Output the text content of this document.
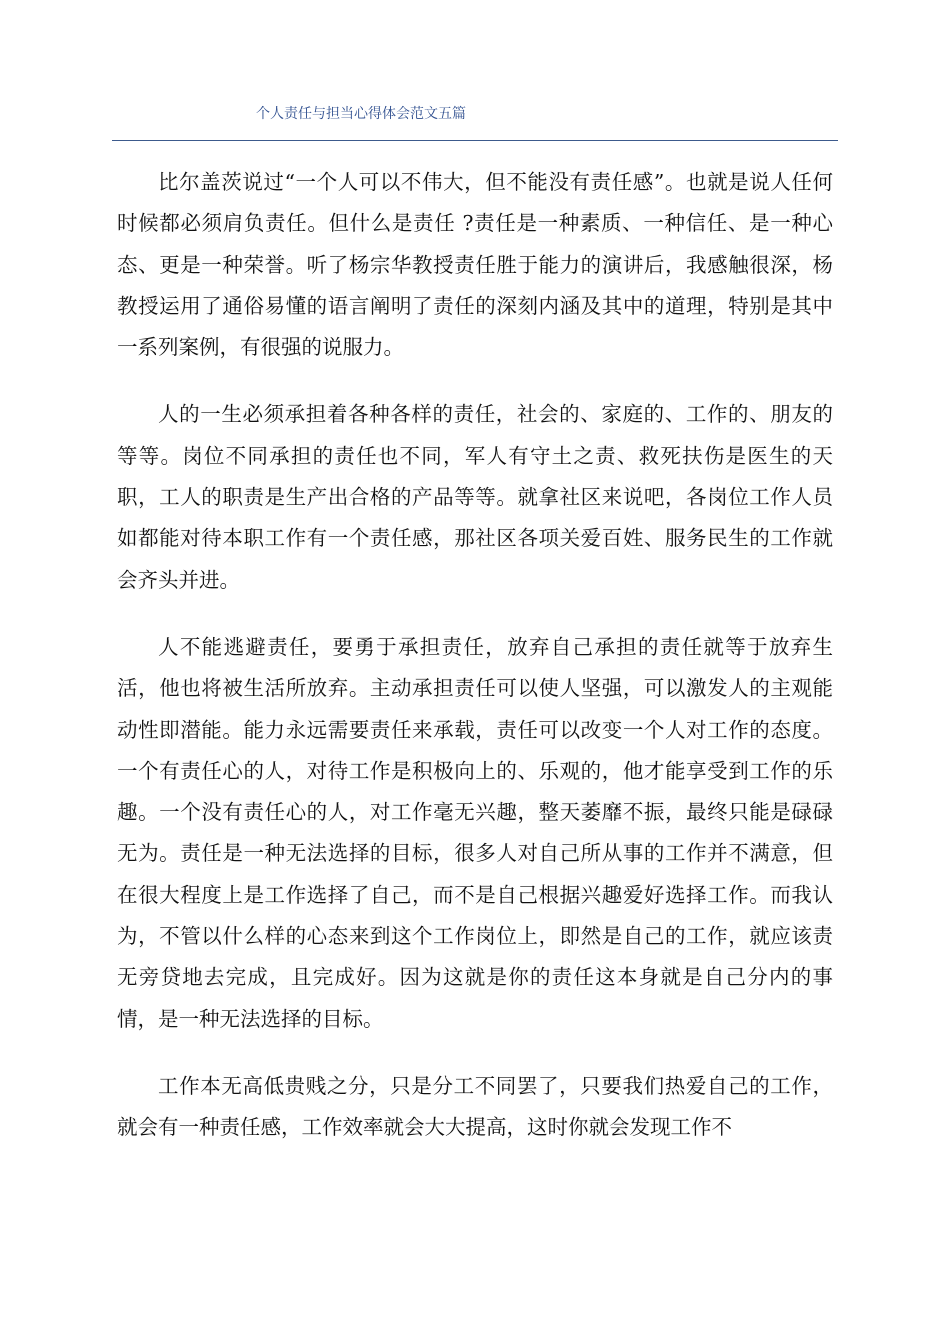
个人责任与担当心得体会范文五篇

比尔盖茨说过“一个人可以不伟大，但不能没有责任感”。也就是说人任何时候都必须肩负责任。但什么是责任 ?责任是一种素质、一种信任、是一种心态、更是一种荣誉。听了杨宗华教授责任胜于能力的演讲后，我感触很深，杨教授运用了通俗易懂的语言阐明了责任的深刻内涵及其中的道理，特别是其中一系列案例，有很强的说服力。

人的一生必须承担着各种各样的责任，社会的、家庭的、工作的、朋友的等等。岗位不同承担的责任也不同，军人有守土之责、救死扶伤是医生的天职，工人的职责是生产出合格的产品等等。就拿社区来说吧，各岗位工作人员如都能对待本职工作有一个责任感，那社区各项关爱百姓、服务民生的工作就会齐头并进。

人不能逃避责任，要勇于承担责任，放弃自己承担的责任就等于放弃生活，他也将被生活所放弃。主动承担责任可以使人坚强，可以激发人的主观能动性即潜能。能力永远需要责任来承载，责任可以改变一个人对工作的态度。一个有责任心的人，对待工作是积极向上的、乐观的，他才能享受到工作的乐趣。一个没有责任心的人，对工作毫无兴趣，整天萎靡不振，最终只能是碌碌无为。责任是一种无法选择的目标，很多人对自己所从事的工作并不满意，但在很大程度上是工作选择了自己，而不是自己根据兴趣爱好选择工作。而我认为，不管以什么样的心态来到这个工作岗位上，即然是自己的工作，就应该责无旁贷地去完成，且完成好。因为这就是你的责任这本身就是自己分内的事情，是一种无法选择的目标。

工作本无高低贵贱之分，只是分工不同罢了，只要我们热爱自己的工作，就会有一种责任感，工作效率就会大大提高，这时你就会发现工作不
